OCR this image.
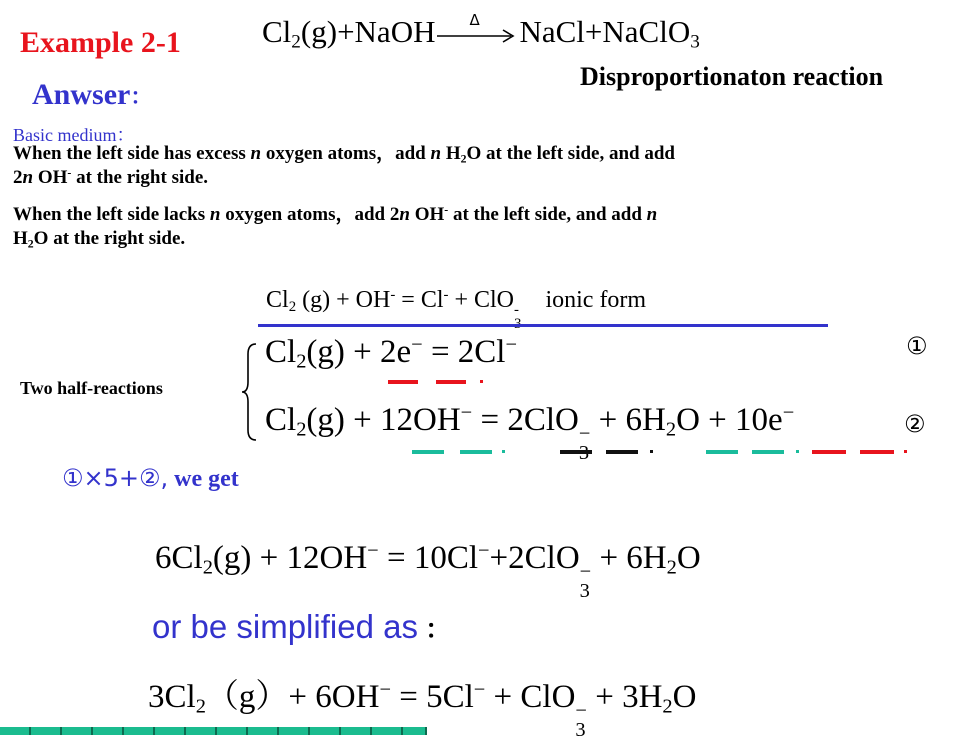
Example 2-1	$Cl_2(g)+NaOH$ Δ NaCl+NaClO$_3$
Disproportionaton reaction
Anwser：
Basic medium：
When the left side has excess n oxygen atoms，add n $H_2O$ at the left side, and add
2n OH- at the right side.
When the left side lacks n oxygen atoms，add 2n OH- at the left side, and add n
$H_2O$ at the right side.
$Cl_2$ (g) + OH- = Cl- + ClO - ionic form
Two half-reactions
$Cl_2(g) + 2e^- = 2Cl^-$	①
$Cl_2(g) + 12OH^- = 2ClO$ − + $6H_2O + 10e^-$	②
①×5+②, we get
$6Cl_2(g) + 12OH^- = 10Cl^-+2ClO$ −
3
+ $6H_2O$
or be simplified as ：
$3Cl_2(g)+ 6OH^- = 5Cl^-$ + ClO −
3
+ $3H_2O$
